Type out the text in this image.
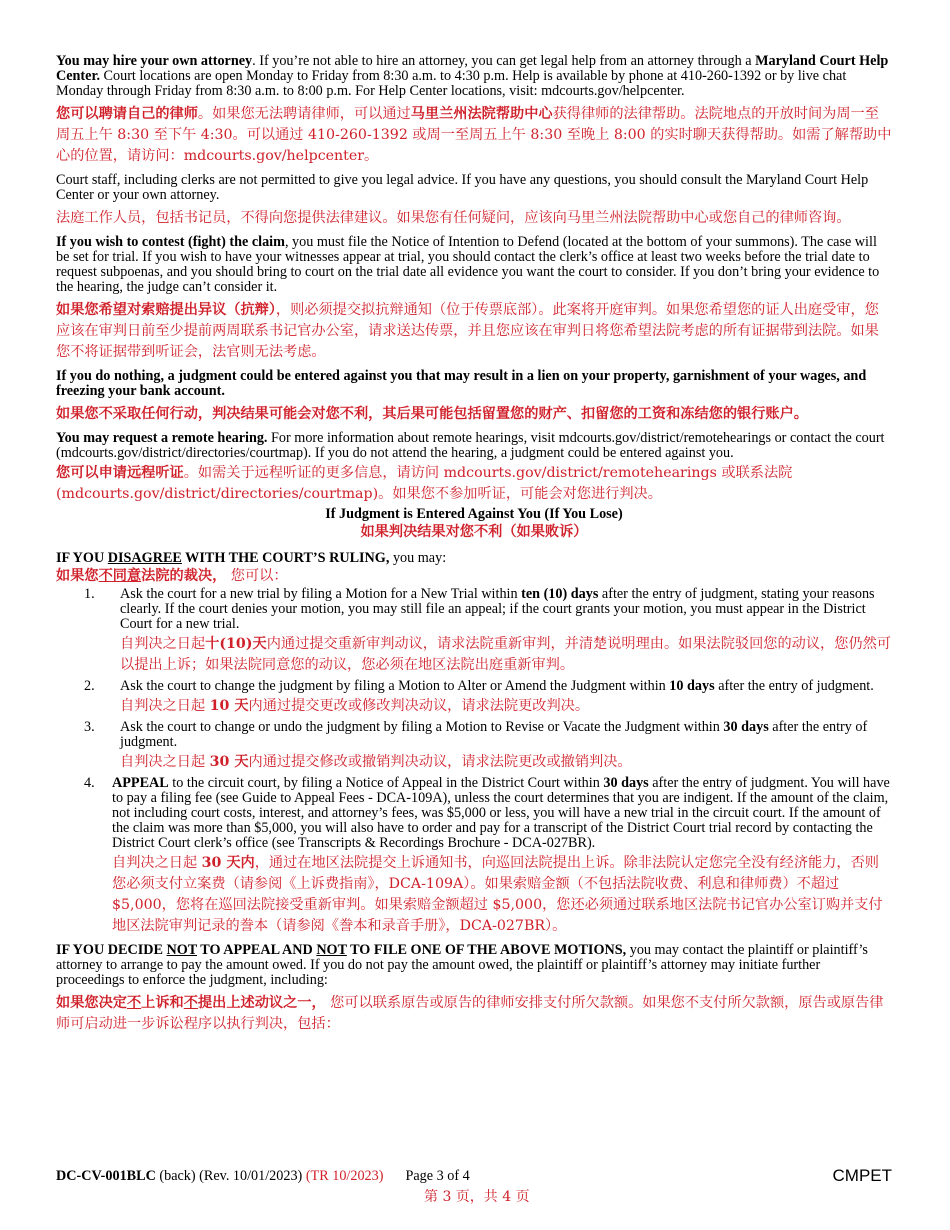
You may hire your own attorney. If you’re not able to hire an attorney, you can get legal help from an attorney through a Maryland Court Help Center. Court locations are open Monday to Friday from 8:30 a.m. to 4:30 p.m. Help is available by phone at 410-260-1392 or by live chat Monday through Friday from 8:30 a.m. to 8:00 p.m. For Help Center locations, visit: mdcourts.gov/helpcenter.

您可以聘请自己的律师。如果您无法聘请律师，可以通过马里兰州法院帮助中心获得律师的法律帮助。法院地点的开放时间为周一至周五上午 8:30 至下午 4:30。可以通过 410-260-1392 或周一至周五上午 8:30 至晚上 8:00 的实时聊天获得帮助。如需了解帮助中心的位置，请访问：mdcourts.gov/helpcenter。

Court staff, including clerks are not permitted to give you legal advice. If you have any questions, you should consult the Maryland Court Help Center or your own attorney.

法庭工作人员，包括书记员，不得向您提供法律建议。如果您有任何疑问，应该向马里兰州法院帮助中心或您自己的律师咨询。

If you wish to contest (fight) the claim, you must file the Notice of Intention to Defend (located at the bottom of your summons). The case will be set for trial. If you wish to have your witnesses appear at trial, you should contact the clerk’s office at least two weeks before the trial date to request subpoenas, and you should bring to court on the trial date all evidence you want the court to consider. If you don’t bring your evidence to the hearing, the judge can’t consider it.

如果您希望对索赔提出异议（抗辩），则必须提交拟抗辩通知（位于传票底部）。此案将开庭审判。如果您希望您的证人出庭受审，您应该在审判日前至少提前两周联系书记官办公室，请求送达传票，并且您应该在审判日将您希望法院考虑的所有证据带到法院。如果您不将证据带到听证会，法官则无法考虑。

If you do nothing, a judgment could be entered against you that may result in a lien on your property, garnishment of your wages, and freezing your bank account.

如果您不采取任何行动，判决结果可能会对您不利，其后果可能包括留置您的财产、扣留您的工资和冻结您的银行账户。

You may request a remote hearing. For more information about remote hearings, visit mdcourts.gov/district/remotehearings or contact the court (mdcourts.gov/district/directories/courtmap). If you do not attend the hearing, a judgment could be entered against you.

您可以申请远程听证。如需关于远程听证的更多信息，请访问 mdcourts.gov/district/remotehearings 或联系法院 (mdcourts.gov/district/directories/courtmap)。如果您不参加听证，可能会对您进行判决。

If Judgment is Entered Against You (If You Lose)

如果判决结果对您不利（如果败诉）

IF YOU DISAGREE WITH THE COURT’S RULING, you may:

如果您不同意法院的裁决， 您可以：

1. Ask the court for a new trial by filing a Motion for a New Trial within ten (10) days after the entry of judgment, stating your reasons clearly. If the court denies your motion, you may still file an appeal; if the court grants your motion, you must appear in the District Court for a new trial.
自判决之日起十(10)天内通过提交重新审判动议，请求法院重新审判，并清楚说明理由。如果法院驳回您的动议，您仍然可以提出上诉；如果法院同意您的动议，您必须在地区法院出庭重新审判。
2. Ask the court to change the judgment by filing a Motion to Alter or Amend the Judgment within 10 days after the entry of judgment.
自判决之日起 10 天内通过提交更改或修改判决动议，请求法院更改判决。
3. Ask the court to change or undo the judgment by filing a Motion to Revise or Vacate the Judgment within 30 days after the entry of judgment.
自判决之日起 30 天内通过提交修改或撤销判决动议，请求法院更改或撤销判决。
4. APPEAL to the circuit court, by filing a Notice of Appeal in the District Court within 30 days after the entry of judgment. You will have to pay a filing fee (see Guide to Appeal Fees - DCA-109A), unless the court determines that you are indigent. If the amount of the claim, not including court costs, interest, and attorney’s fees, was $5,000 or less, you will have a new trial in the circuit court. If the amount of the claim was more than $5,000, you will also have to order and pay for a transcript of the District Court trial record by contacting the District Court clerk’s office (see Transcripts & Recordings Brochure - DCA-027BR).
自判决之日起 30 天内，通过在地区法院提交上诉通知书，向巡回法院提出上诉。除非法院认定您完全没有经济能力，否则您必须支付立案费（请参阅《上诉费指南》，DCA-109A）。如果索赔金额（不包括法院收费、利息和律师费）不超过 $5,000，您将在巡回法院接受重新审判。如果索赔金额超过 $5,000，您还必须通过联系地区法院书记官办公室订购并支付地区法院审判记录的誊本（请参阅《誊本和录音手册》，DCA-027BR）。

IF YOU DECIDE NOT TO APPEAL AND NOT TO FILE ONE OF THE ABOVE MOTIONS, you may contact the plaintiff or plaintiff’s attorney to arrange to pay the amount owed. If you do not pay the amount owed, the plaintiff or plaintiff’s attorney may initiate further proceedings to enforce the judgment, including:

如果您决定不上诉和不提出上述动议之一， 您可以联系原告或原告的律师安排支付所欠款额。如果您不支付所欠款额，原告或原告律师可启动进一步诉讼程序以执行判决，包括：

DC-CV-001BLC (back) (Rev. 10/01/2023) (TR 10/2023) Page 3 of 4	CMPET
第 3 页，共 4 页
